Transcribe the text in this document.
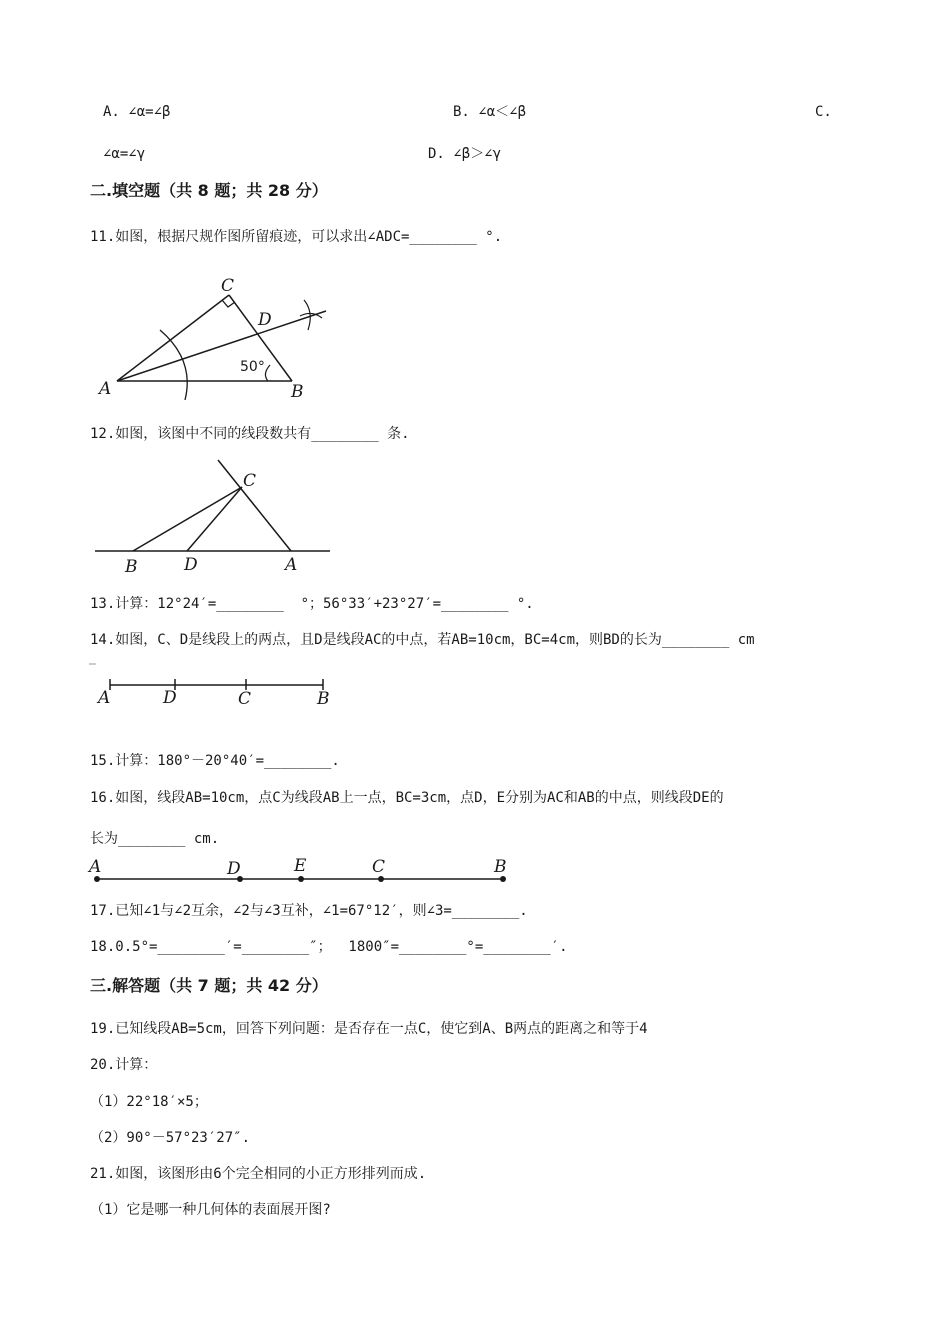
A. ∠α=∠β	B. ∠α＜∠β	C.
∠α=∠γ	D. ∠β＞∠γ
二.填空题（共 8 题；共 28 分）
11.如图，根据尺规作图所留痕迹，可以求出∠ADC=________ °.
A	B
C
D
50°
12.如图，该图中不同的线段数共有________ 条.
B	D	A
C
13.计算：12°24′=________  °；56°33′+23°27′=________ °.
14.如图，C、D是线段上的两点，且D是线段AC的中点，若AB=10cm，BC=4cm，则BD的长为________ cm
A	D	C	B
15.计算：180°－20°40′=________.
16.如图，线段AB=10cm，点C为线段AB上一点，BC=3cm，点D，E分别为AC和AB的中点，则线段DE的
长为________ cm.
A	D	E	C	B
17.已知∠1与∠2互余，∠2与∠3互补，∠1=67°12′，则∠3=________.
18.0.5°=________′=________″；  1800″=________°=________′.
三.解答题（共 7 题；共 42 分）
19.已知线段AB=5cm，回答下列问题：是否存在一点C，使它到A、B两点的距离之和等于4
20.计算：
（1）22°18′×5；
（2）90°－57°23′27″.
21.如图，该图形由6个完全相同的小正方形排列而成.
（1）它是哪一种几何体的表面展开图?
